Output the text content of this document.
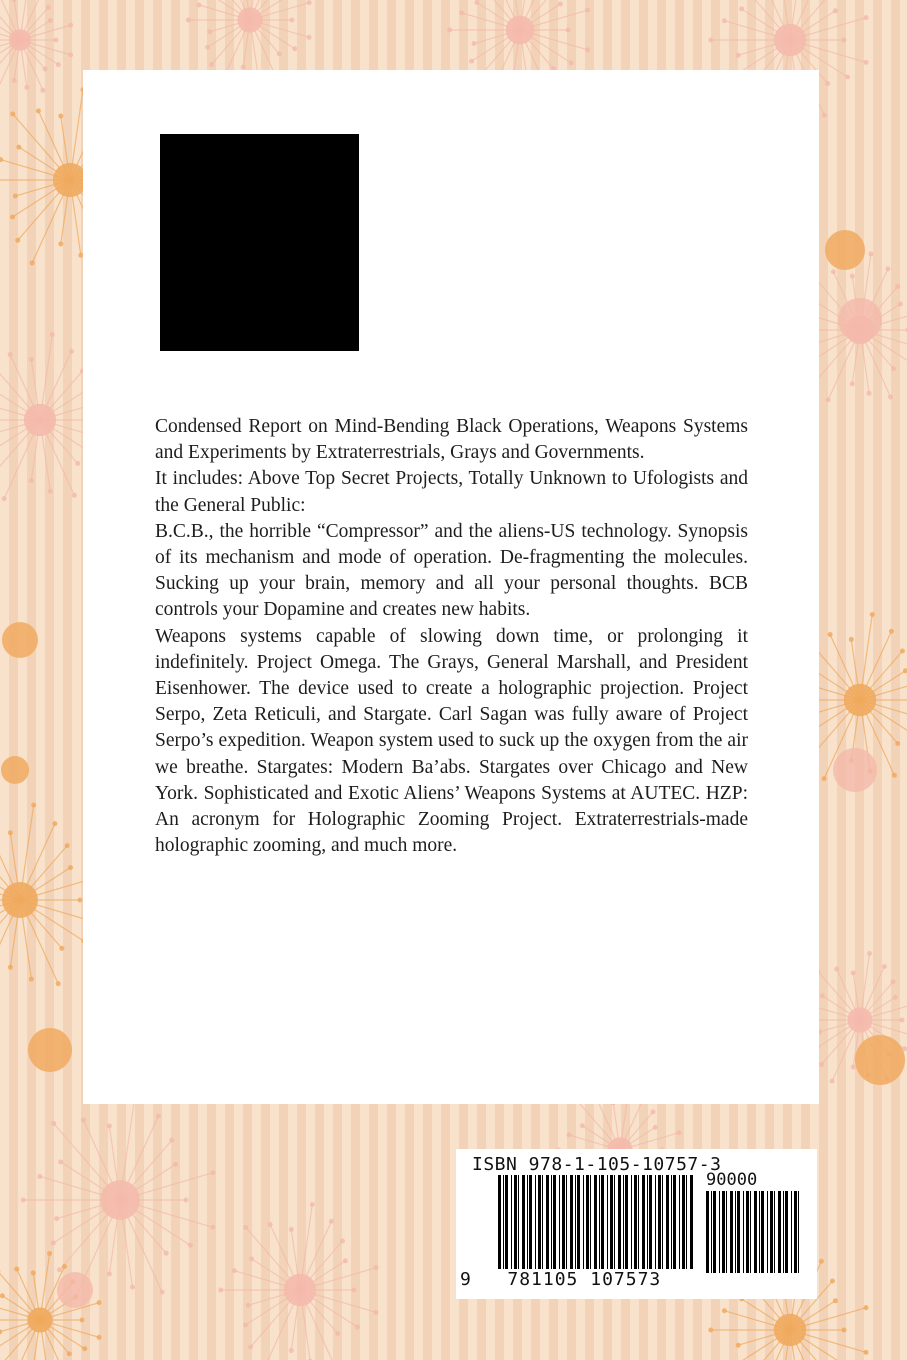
Condensed Report on Mind-Bending Black Operations, Weapons Systems and Experiments by Extraterrestrials, Grays and Governments.

It includes: Above Top Secret Projects, Totally Unknown to Ufologists and the General Public:

B.C.B., the horrible “Compressor” and the aliens-US technology. Synopsis of its mechanism and mode of operation. De-fragmenting the molecules. Sucking up your brain, memory and all your personal thoughts. BCB controls your Dopamine and creates new habits.

Weapons systems capable of slowing down time, or prolonging it indefinitely. Project Omega. The Grays, General Marshall, and President Eisenhower. The device used to create a holographic projection. Project Serpo, Zeta Reticuli, and Stargate. Carl Sagan was fully aware of Project Serpo’s expedition. Weapon system used to suck up the oxygen from the air we breathe. Stargates: Modern Ba’abs. Stargates over Chicago and New York. Sophisticated and Exotic Aliens’ Weapons Systems at AUTEC. HZP: An acronym for Holographic Zooming Project. Extraterrestrials-made holographic zooming, and much more.

ISBN 978-1-105-10757-3
90000
9 781105 107573
